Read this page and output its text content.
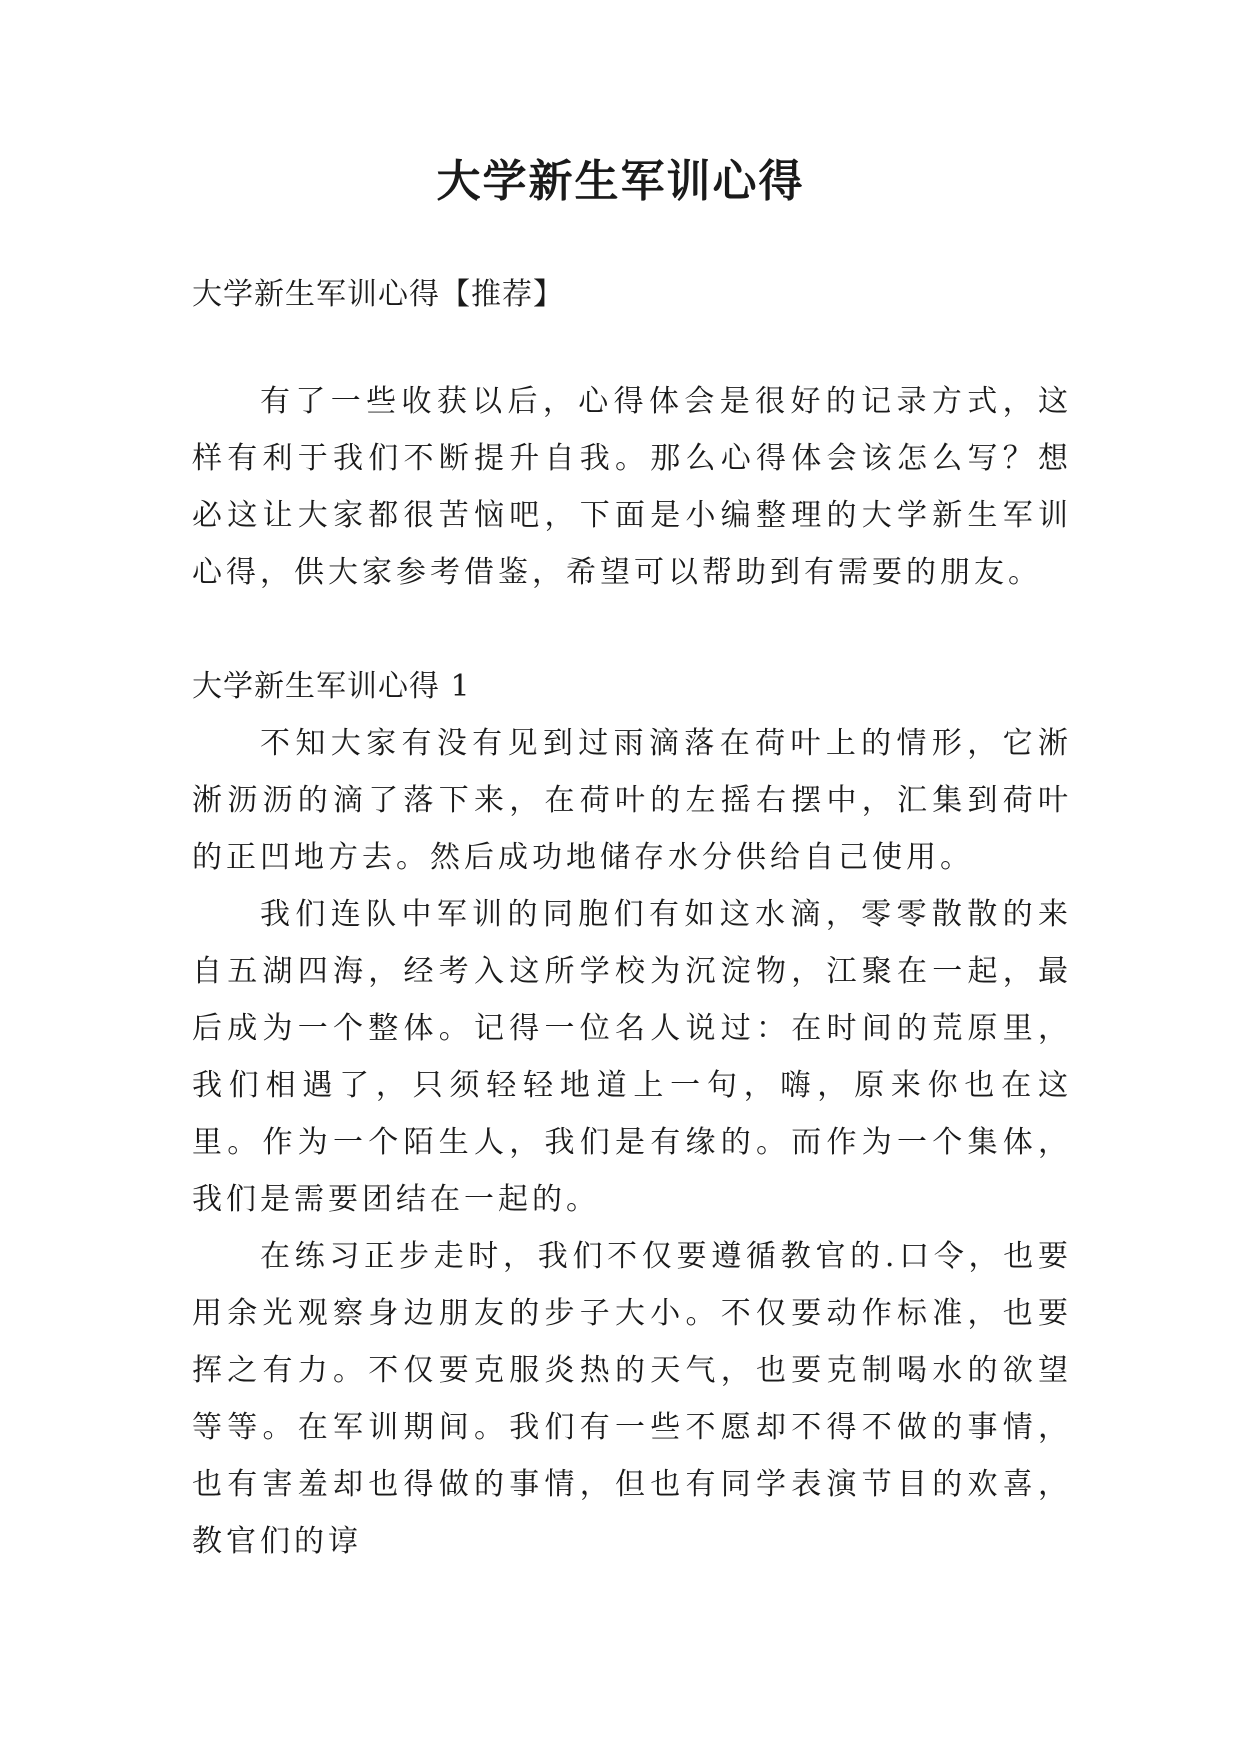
大学新生军训心得

大学新生军训心得【推荐】

有了一些收获以后，心得体会是很好的记录方式，这样有利于我们不断提升自我。那么心得体会该怎么写？想必这让大家都很苦恼吧，下面是小编整理的大学新生军训心得，供大家参考借鉴，希望可以帮助到有需要的朋友。

大学新生军训心得 1

不知大家有没有见到过雨滴落在荷叶上的情形，它淅淅沥沥的滴了落下来，在荷叶的左摇右摆中，汇集到荷叶的正凹地方去。然后成功地储存水分供给自己使用。

我们连队中军训的同胞们有如这水滴，零零散散的来自五湖四海，经考入这所学校为沉淀物，江聚在一起，最后成为一个整体。记得一位名人说过：在时间的荒原里，我们相遇了，只须轻轻地道上一句，嗨，原来你也在这里。作为一个陌生人，我们是有缘的。而作为一个集体， 我们是需要团结在一起的。

在练习正步走时，我们不仅要遵循教官的.口令，也要用余光观察身边朋友的步子大小。不仅要动作标准，也要挥之有力。不仅要克服炎热的天气，也要克制喝水的欲望等等。在军训期间。我们有一些不愿却不得不做的事情，也有害羞却也得做的事情，但也有同学表演节目的欢喜，教官们的谆
